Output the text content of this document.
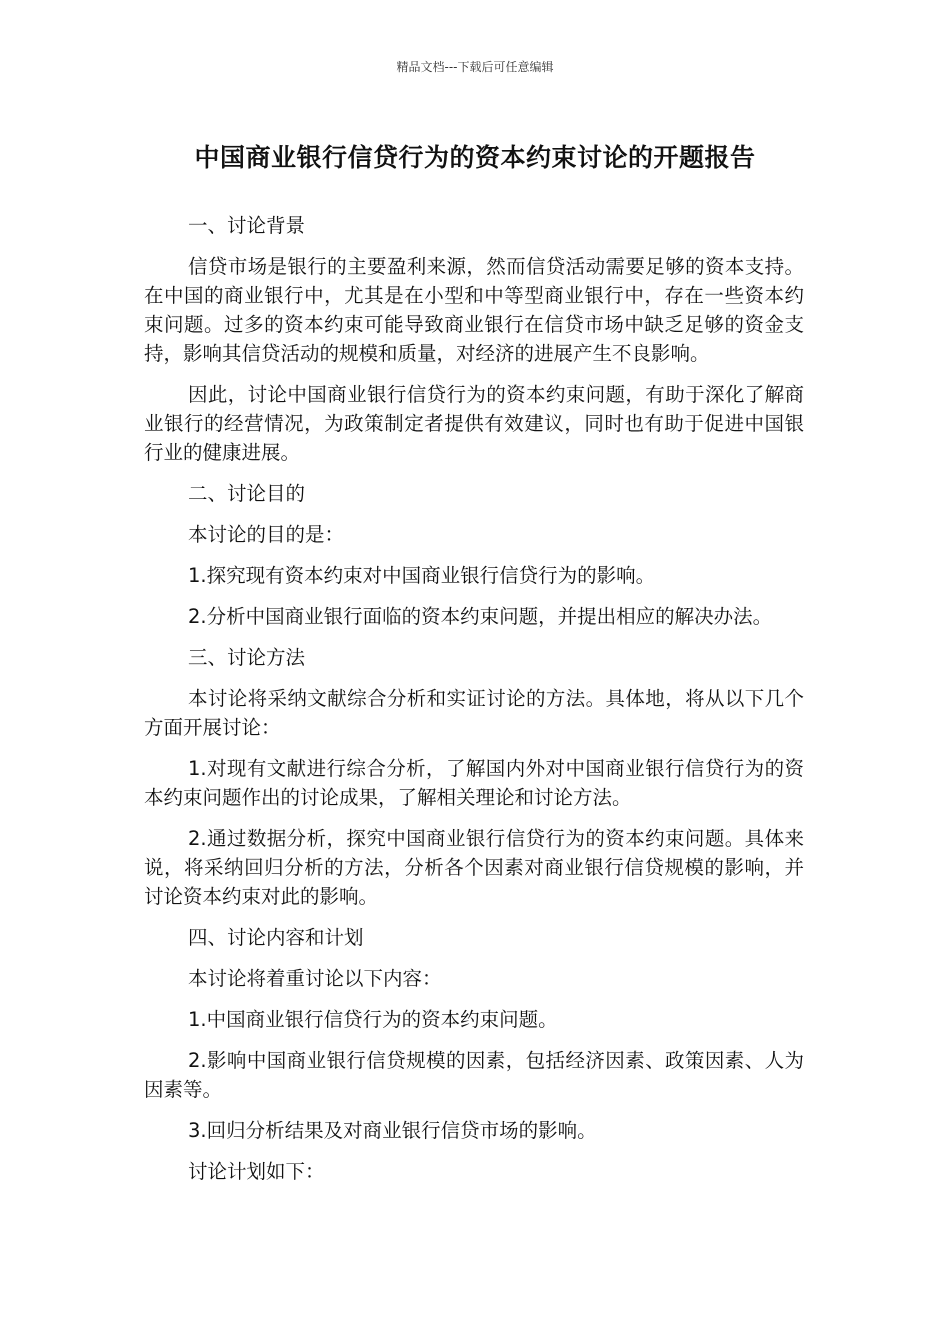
精品文档---下载后可任意编辑
中国商业银行信贷行为的资本约束讨论的开题报告

一、讨论背景

信贷市场是银行的主要盈利来源，然而信贷活动需要足够的资本支持。在中国的商业银行中，尤其是在小型和中等型商业银行中，存在一些资本约束问题。过多的资本约束可能导致商业银行在信贷市场中缺乏足够的资金支持，影响其信贷活动的规模和质量，对经济的进展产生不良影响。

因此，讨论中国商业银行信贷行为的资本约束问题，有助于深化了解商业银行的经营情况，为政策制定者提供有效建议，同时也有助于促进中国银行业的健康进展。

二、讨论目的

本讨论的目的是：

1.探究现有资本约束对中国商业银行信贷行为的影响。

2.分析中国商业银行面临的资本约束问题，并提出相应的解决办法。

三、讨论方法

本讨论将采纳文献综合分析和实证讨论的方法。具体地，将从以下几个方面开展讨论：

1.对现有文献进行综合分析，了解国内外对中国商业银行信贷行为的资本约束问题作出的讨论成果，了解相关理论和讨论方法。

2.通过数据分析，探究中国商业银行信贷行为的资本约束问题。具体来说，将采纳回归分析的方法，分析各个因素对商业银行信贷规模的影响，并讨论资本约束对此的影响。

四、讨论内容和计划

本讨论将着重讨论以下内容：

1.中国商业银行信贷行为的资本约束问题。

2.影响中国商业银行信贷规模的因素，包括经济因素、政策因素、人为因素等。

3.回归分析结果及对商业银行信贷市场的影响。

讨论计划如下：
